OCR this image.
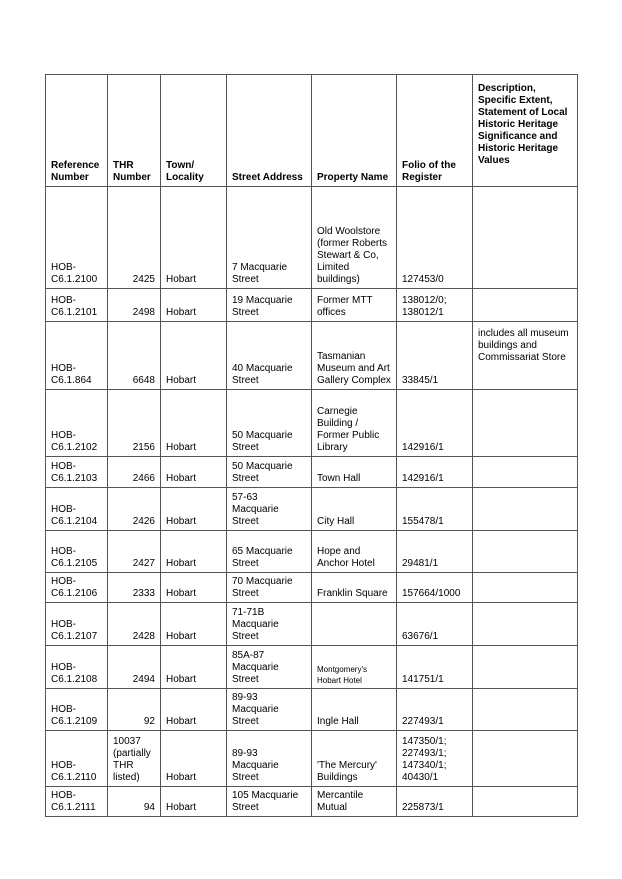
Reference Number	THR Number	Town/ Locality	Street Address	Property Name	Folio of the Register	Description, Specific Extent, Statement of Local Historic Heritage Significance and Historic Heritage Values
HOB-C6.1.2100	2425	Hobart	7 Macquarie Street	Old Woolstore (former Roberts Stewart & Co, Limited buildings)	127453/0	
HOB-C6.1.2101	2498	Hobart	19 Macquarie Street	Former MTT offices	138012/0; 138012/1	
HOB-C6.1.864	6648	Hobart	40 Macquarie Street	Tasmanian Museum and Art Gallery Complex	33845/1	includes all museum buildings and Commissariat Store
HOB-C6.1.2102	2156	Hobart	50 Macquarie Street	Carnegie Building / Former Public Library	142916/1	
HOB-C6.1.2103	2466	Hobart	50 Macquarie Street	Town Hall	142916/1	
HOB-C6.1.2104	2426	Hobart	57-63 Macquarie Street	City Hall	155478/1	
HOB-C6.1.2105	2427	Hobart	65 Macquarie Street	Hope and Anchor Hotel	29481/1	
HOB-C6.1.2106	2333	Hobart	70 Macquarie Street	Franklin Square	157664/1000	
HOB-C6.1.2107	2428	Hobart	71-71B Macquarie Street		63676/1	
HOB-C6.1.2108	2494	Hobart	85A-87 Macquarie Street	Montgomery's Hobart Hotel	141751/1	
HOB-C6.1.2109	92	Hobart	89-93 Macquarie Street	Ingle Hall	227493/1	
HOB-C6.1.2110	10037 (partially THR listed)	Hobart	89-93 Macquarie Street	'The Mercury' Buildings	147350/1; 227493/1; 147340/1; 40430/1	
HOB-C6.1.2111	94	Hobart	105 Macquarie Street	Mercantile Mutual	225873/1	
